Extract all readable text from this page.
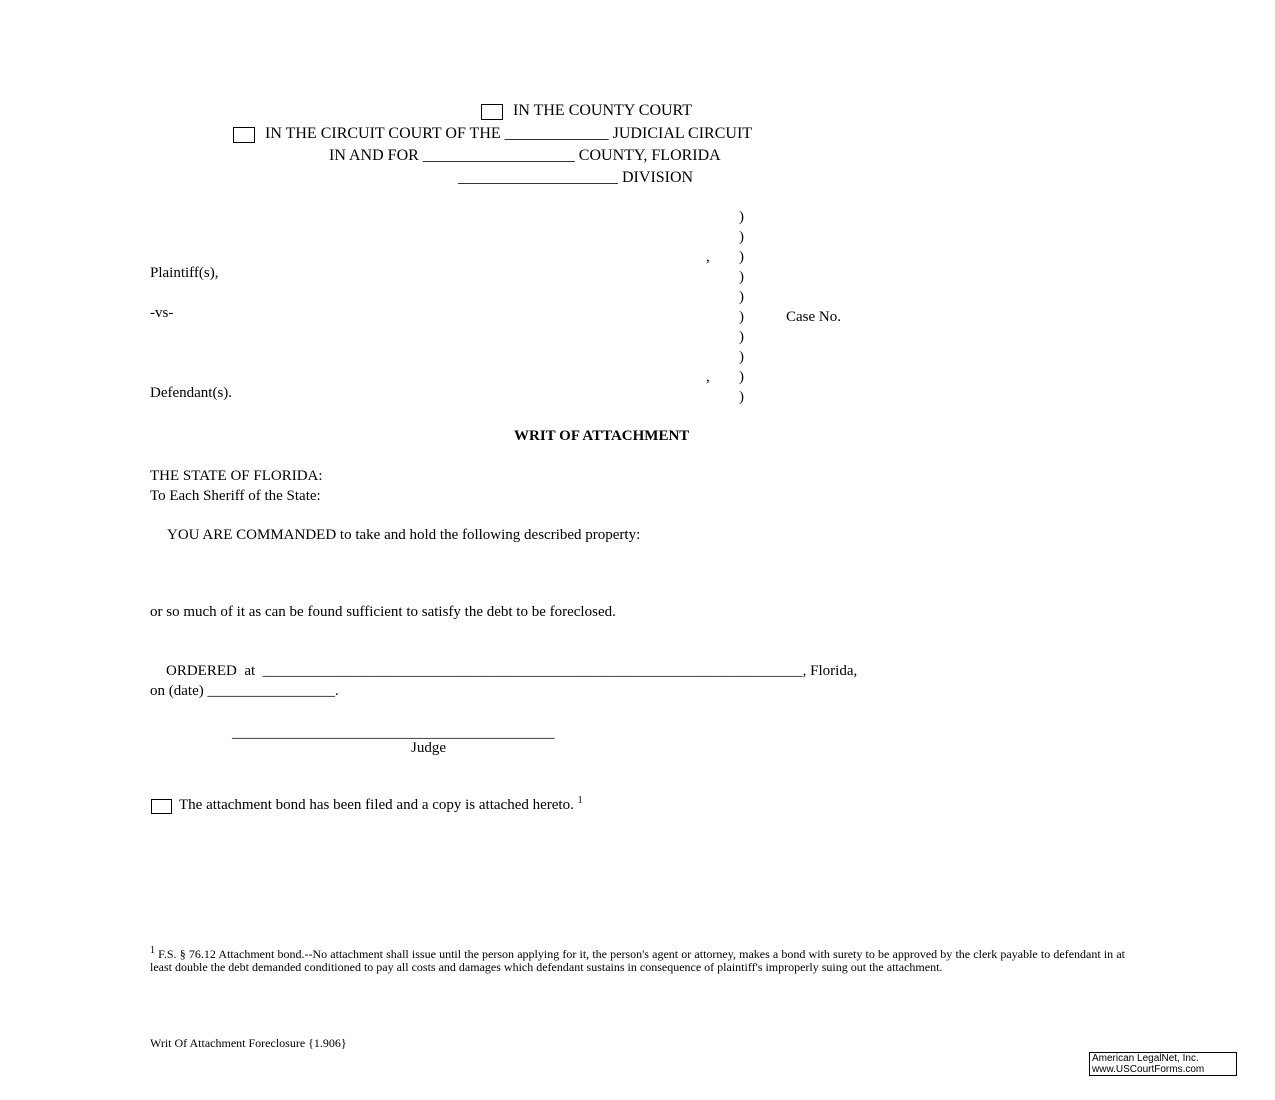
IN THE COUNTY COURT
IN THE CIRCUIT COURT OF THE _____________ JUDICIAL CIRCUIT
IN AND FOR ___________________ COUNTY, FLORIDA
____________________ DIVISION
,
Plaintiff(s),
-vs-
,
Defendant(s).
)
)
)
)
)
)
)
)
)
)
Case No.
WRIT OF ATTACHMENT
THE STATE OF FLORIDA:
To Each Sheriff of the State:
YOU ARE COMMANDED to take and hold the following described property:
or so much of it as can be found sufficient to satisfy the debt to be foreclosed.
ORDERED  at  ________________________________________________________________________, Florida,
on (date) _________________.
___________________________________________
Judge
The attachment bond has been filed and a copy is attached hereto. $^1$
$^1$ F.S. § 76.12 Attachment bond.--No attachment shall issue until the person applying for it, the person's agent or attorney, makes a bond with surety to be approved by the clerk payable to defendant in at least double the debt demanded conditioned to pay all costs and damages which defendant sustains in consequence of plaintiff's improperly suing out the attachment.
Writ Of Attachment Foreclosure {1.906}
American LegalNet, Inc.
www.USCourtForms.com
